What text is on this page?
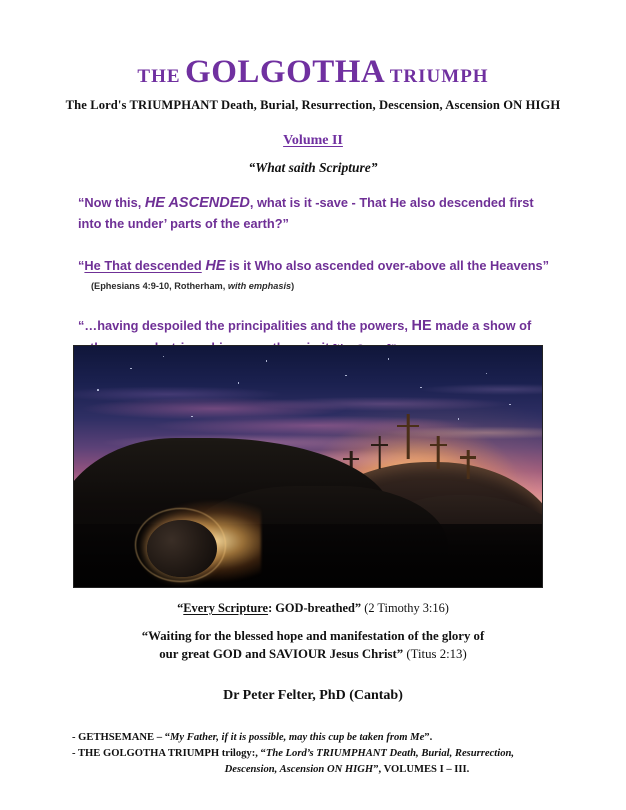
THE GOLGOTHA TRIUMPH
The Lord's TRIUMPHANT Death, Burial, Resurrection, Descension, Ascension ON HIGH
Volume II
“What saith Scripture”

“Now this, HE ASCENDED, what is it -save - That He also descended first
into the under’ parts of the earth?”

“He That descended HE is it Who also ascended over-above all the Heavens”
(Ephesians 4:9-10, Rotherham, with emphasis)

“…having despoiled the principalities and the powers, HE made a show of

“Every Scripture: GOD-breathed” (2 Timothy 3:16)
“Waiting for the blessed hope and manifestation of the glory of
our great GOD and SAVIOUR Jesus Christ” (Titus 2:13)
Dr Peter Felter, PhD (Cantab)
- GETHSEMANE – “My Father, if it is possible, may this cup be taken from Me”.
- THE GOLGOTHA TRIUMPH trilogy:, “The Lord’s TRIUMPHANT Death, Burial, Resurrection,
Descension, Ascension ON HIGH”, VOLUMES I – III.
